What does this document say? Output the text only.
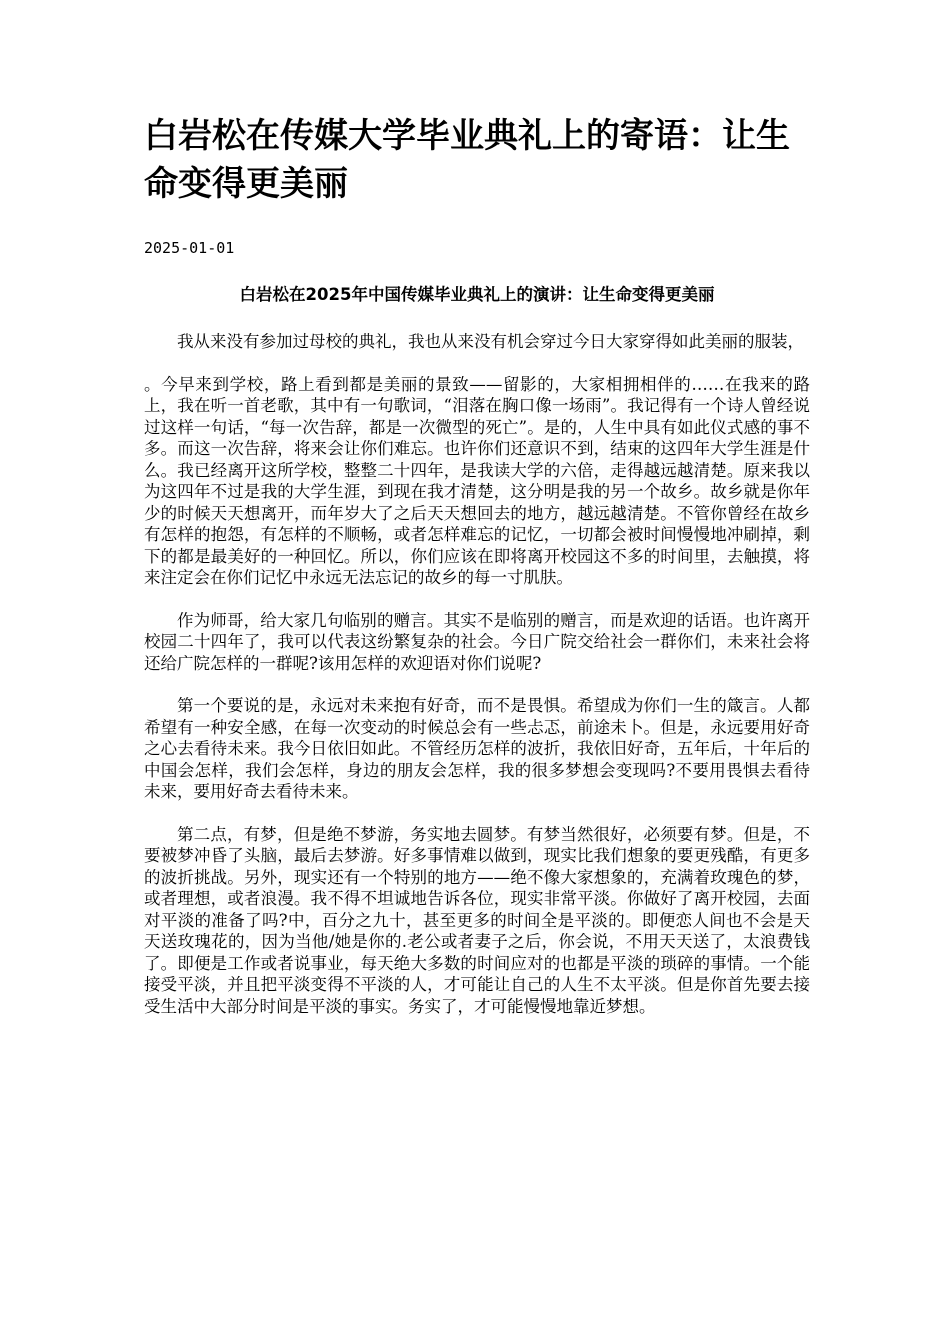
白岩松在传媒大学毕业典礼上的寄语：让生命变得更美丽
2025-01-01
白岩松在2025年中国传媒毕业典礼上的演讲：让生命变得更美丽

我从来没有参加过母校的典礼，我也从来没有机会穿过今日大家穿得如此美丽的服装，

。今早来到学校，路上看到都是美丽的景致——留影的，大家相拥相伴的……在我来的路上，我在听一首老歌，其中有一句歌词，“泪落在胸口像一场雨”。我记得有一个诗人曾经说过这样一句话，“每一次告辞，都是一次微型的死亡”。是的，人生中具有如此仪式感的事不多。而这一次告辞，将来会让你们难忘。也许你们还意识不到，结束的这四年大学生涯是什么。我已经离开这所学校，整整二十四年，是我读大学的六倍，走得越远越清楚。原来我以为这四年不过是我的大学生涯，到现在我才清楚，这分明是我的另一个故乡。故乡就是你年少的时候天天想离开，而年岁大了之后天天想回去的地方，越远越清楚。不管你曾经在故乡有怎样的抱怨，有怎样的不顺畅，或者怎样难忘的记忆，一切都会被时间慢慢地冲刷掉，剩下的都是最美好的一种回忆。所以，你们应该在即将离开校园这不多的时间里，去触摸，将来注定会在你们记忆中永远无法忘记的故乡的每一寸肌肤。

作为师哥，给大家几句临别的赠言。其实不是临别的赠言，而是欢迎的话语。也许离开校园二十四年了，我可以代表这纷繁复杂的社会。今日广院交给社会一群你们，未来社会将还给广院怎样的一群呢?该用怎样的欢迎语对你们说呢?

第一个要说的是，永远对未来抱有好奇，而不是畏惧。希望成为你们一生的箴言。人都希望有一种安全感，在每一次变动的时候总会有一些忐忑，前途未卜。但是，永远要用好奇之心去看待未来。我今日依旧如此。不管经历怎样的波折，我依旧好奇，五年后，十年后的中国会怎样，我们会怎样，身边的朋友会怎样，我的很多梦想会变现吗?不要用畏惧去看待未来，要用好奇去看待未来。

第二点，有梦，但是绝不梦游，务实地去圆梦。有梦当然很好，必须要有梦。但是，不要被梦冲昏了头脑，最后去梦游。好多事情难以做到，现实比我们想象的要更残酷，有更多的波折挑战。另外，现实还有一个特别的地方——绝不像大家想象的，充满着玫瑰色的梦，或者理想，或者浪漫。我不得不坦诚地告诉各位，现实非常平淡。你做好了离开校园，去面对平淡的准备了吗?中，百分之九十，甚至更多的时间全是平淡的。即便恋人间也不会是天天送玫瑰花的，因为当他/她是你的.老公或者妻子之后，你会说，不用天天送了，太浪费钱了。即便是工作或者说事业，每天绝大多数的时间应对的也都是平淡的琐碎的事情。一个能接受平淡，并且把平淡变得不平淡的人，才可能让自己的人生不太平淡。但是你首先要去接受生活中大部分时间是平淡的事实。务实了，才可能慢慢地靠近梦想。
